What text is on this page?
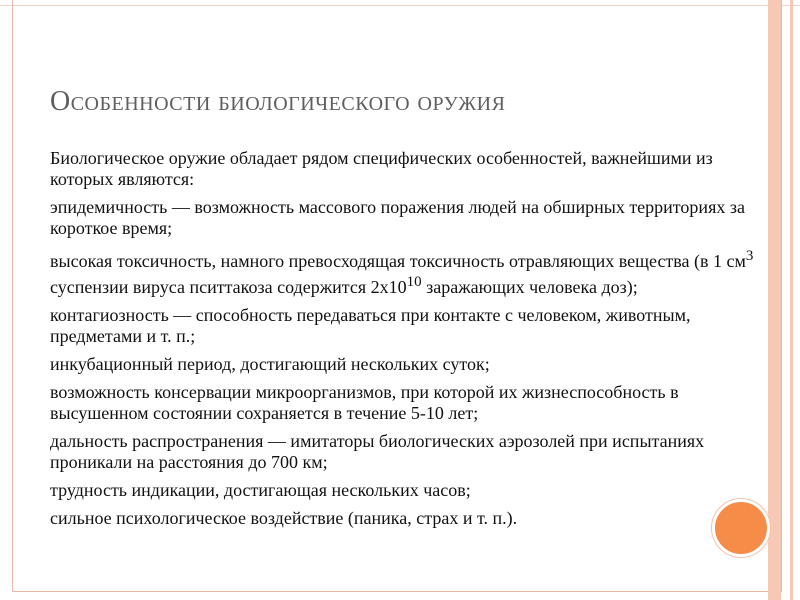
Особенности биологического оружия
Биологическое оружие обладает рядом специфических особенностей, важнейшими из которых являются:
эпидемичность — возможность массового поражения людей на обширных территориях за короткое время;
высокая токсичность, намного превосходящая токсичность отравляющих вещества (в 1 $см^3$ суспензии вируса пситтакоза содержится $2х10^{10}$ заражающих человека доз);
контагиозность — способность передаваться при контакте с человеком, животным, предметами и т. п.;
инкубационный период, достигающий нескольких суток;
возможность консервации микроорганизмов, при которой их жизнеспособность в высушенном состоянии сохраняется в течение 5-10 лет;
дальность распространения — имитаторы биологических аэрозолей при испытаниях проникали на расстояния до 700 км;
трудность индикации, достигающая нескольких часов;
сильное психологическое воздействие (паника, страх и т. п.).
